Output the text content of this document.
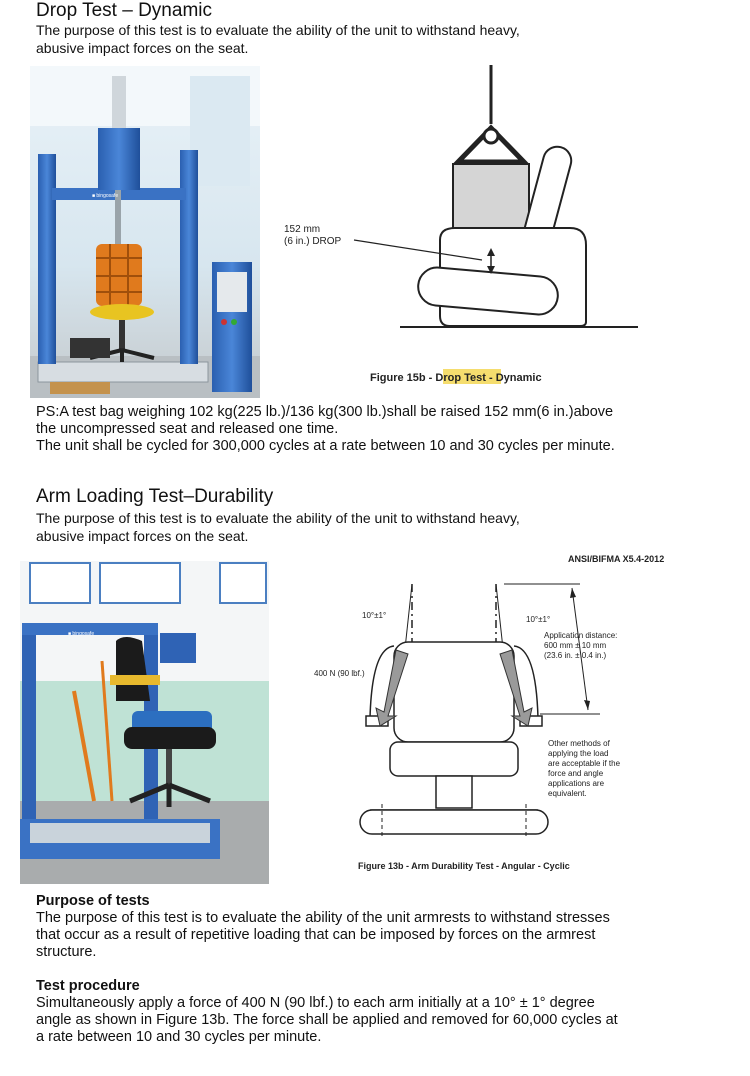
Drop Test – Dynamic
The purpose of this test is to evaluate the ability of the unit to withstand heavy,
abusive impact forces on the seat.
■ bingosafe
152 mm
(6 in.) DROP
Figure 15b - Drop Test - Dynamic
PS:A test bag weighing 102 kg(225 lb.)/136 kg(300 lb.)shall be raised 152 mm(6 in.)above
the uncompressed seat and released one time.
The unit shall be cycled for 300,000 cycles at a rate between 10 and 30 cycles per minute.
Arm Loading Test–Durability
The purpose of this test is to evaluate the ability of the unit to withstand heavy,
abusive impact forces on the seat.
■ bingosafe
ANSI/BIFMA X5.4-2012
10°±1°	10°±1°
400 N (90 lbf.)
Application distance:
600 mm ± 10 mm
(23.6 in. ± 0.4 in.)
Other methods of
applying the load
are acceptable if the
force and angle
applications are
equivalent.
Figure 13b - Arm Durability Test - Angular - Cyclic
Purpose of tests
The purpose of this test is to evaluate the ability of the unit armrests to withstand stresses
that occur as a result of repetitive loading that can be imposed by forces on the armrest
structure.
Test procedure
Simultaneously apply a force of 400 N (90 lbf.) to each arm initially at a 10° ± 1° degree
angle as shown in Figure 13b. The force shall be applied and removed for 60,000 cycles at
a rate between 10 and 30 cycles per minute.
